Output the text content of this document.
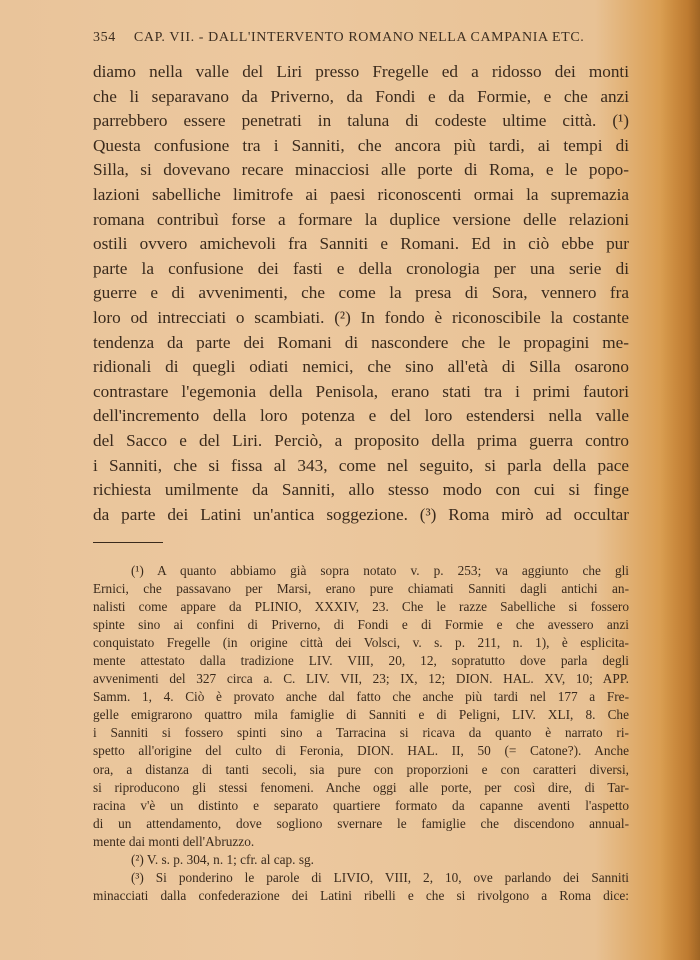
354 CAP. VII. - DALL'INTERVENTO ROMANO NELLA CAMPANIA ETC.
diamo nella valle del Liri presso Fregelle ed a ridosso dei monti
che li separavano da Priverno, da Fondi e da Formie, e che anzi
parrebbero essere penetrati in taluna di codeste ultime città. (¹)
Questa confusione tra i Sanniti, che ancora più tardi, ai tempi di
Silla, si dovevano recare minacciosi alle porte di Roma, e le popo-
lazioni sabelliche limitrofe ai paesi riconoscenti ormai la supremazia
romana contribuì forse a formare la duplice versione delle relazioni
ostili ovvero amichevoli fra Sanniti e Romani. Ed in ciò ebbe pur
parte la confusione dei fasti e della cronologia per una serie di
guerre e di avvenimenti, che come la presa di Sora, vennero fra
loro od intrecciati o scambiati. (²) In fondo è riconoscibile la costante
tendenza da parte dei Romani di nascondere che le propagini me-
ridionali di quegli odiati nemici, che sino all'età di Silla osarono
contrastare l'egemonia della Penisola, erano stati tra i primi fautori
dell'incremento della loro potenza e del loro estendersi nella valle
del Sacco e del Liri. Perciò, a proposito della prima guerra contro
i Sanniti, che si fissa al 343, come nel seguito, si parla della pace
richiesta umilmente da Sanniti, allo stesso modo con cui si finge
da parte dei Latini un'antica soggezione. (³) Roma mirò ad occultar
(¹) A quanto abbiamo già sopra notato v. p. 253; va aggiunto che gli
Ernici, che passavano per Marsi, erano pure chiamati Sanniti dagli antichi an-
nalisti come appare da PLINIO, XXXIV, 23. Che le razze Sabelliche si fossero
spinte sino ai confini di Priverno, di Fondi e di Formie e che avessero anzi
conquistato Fregelle (in origine città dei Volsci, v. s. p. 211, n. 1), è esplicita-
mente attestato dalla tradizione LIV. VIII, 20, 12, sopratutto dove parla degli
avvenimenti del 327 circa a. C. LIV. VII, 23; IX, 12; DION. HAL. XV, 10; APP.
Samm. 1, 4. Ciò è provato anche dal fatto che anche più tardi nel 177 a Fre-
gelle emigrarono quattro mila famiglie di Sanniti e di Peligni, LIV. XLI, 8. Che
i Sanniti si fossero spinti sino a Tarracina si ricava da quanto è narrato ri-
spetto all'origine del culto di Feronia, DION. HAL. II, 50 (= Catone?). Anche
ora, a distanza di tanti secoli, sia pure con proporzioni e con caratteri diversi,
si riproducono gli stessi fenomeni. Anche oggi alle porte, per così dire, di Tar-
racina v'è un distinto e separato quartiere formato da capanne aventi l'aspetto
di un attendamento, dove sogliono svernare le famiglie che discendono annual-
mente dai monti dell'Abruzzo.
(²) V. s. p. 304, n. 1; cfr. al cap. sg.
(³) Si ponderino le parole di LIVIO, VIII, 2, 10, ove parlando dei Sanniti
minacciati dalla confederazione dei Latini ribelli e che si rivolgono a Roma dice:
